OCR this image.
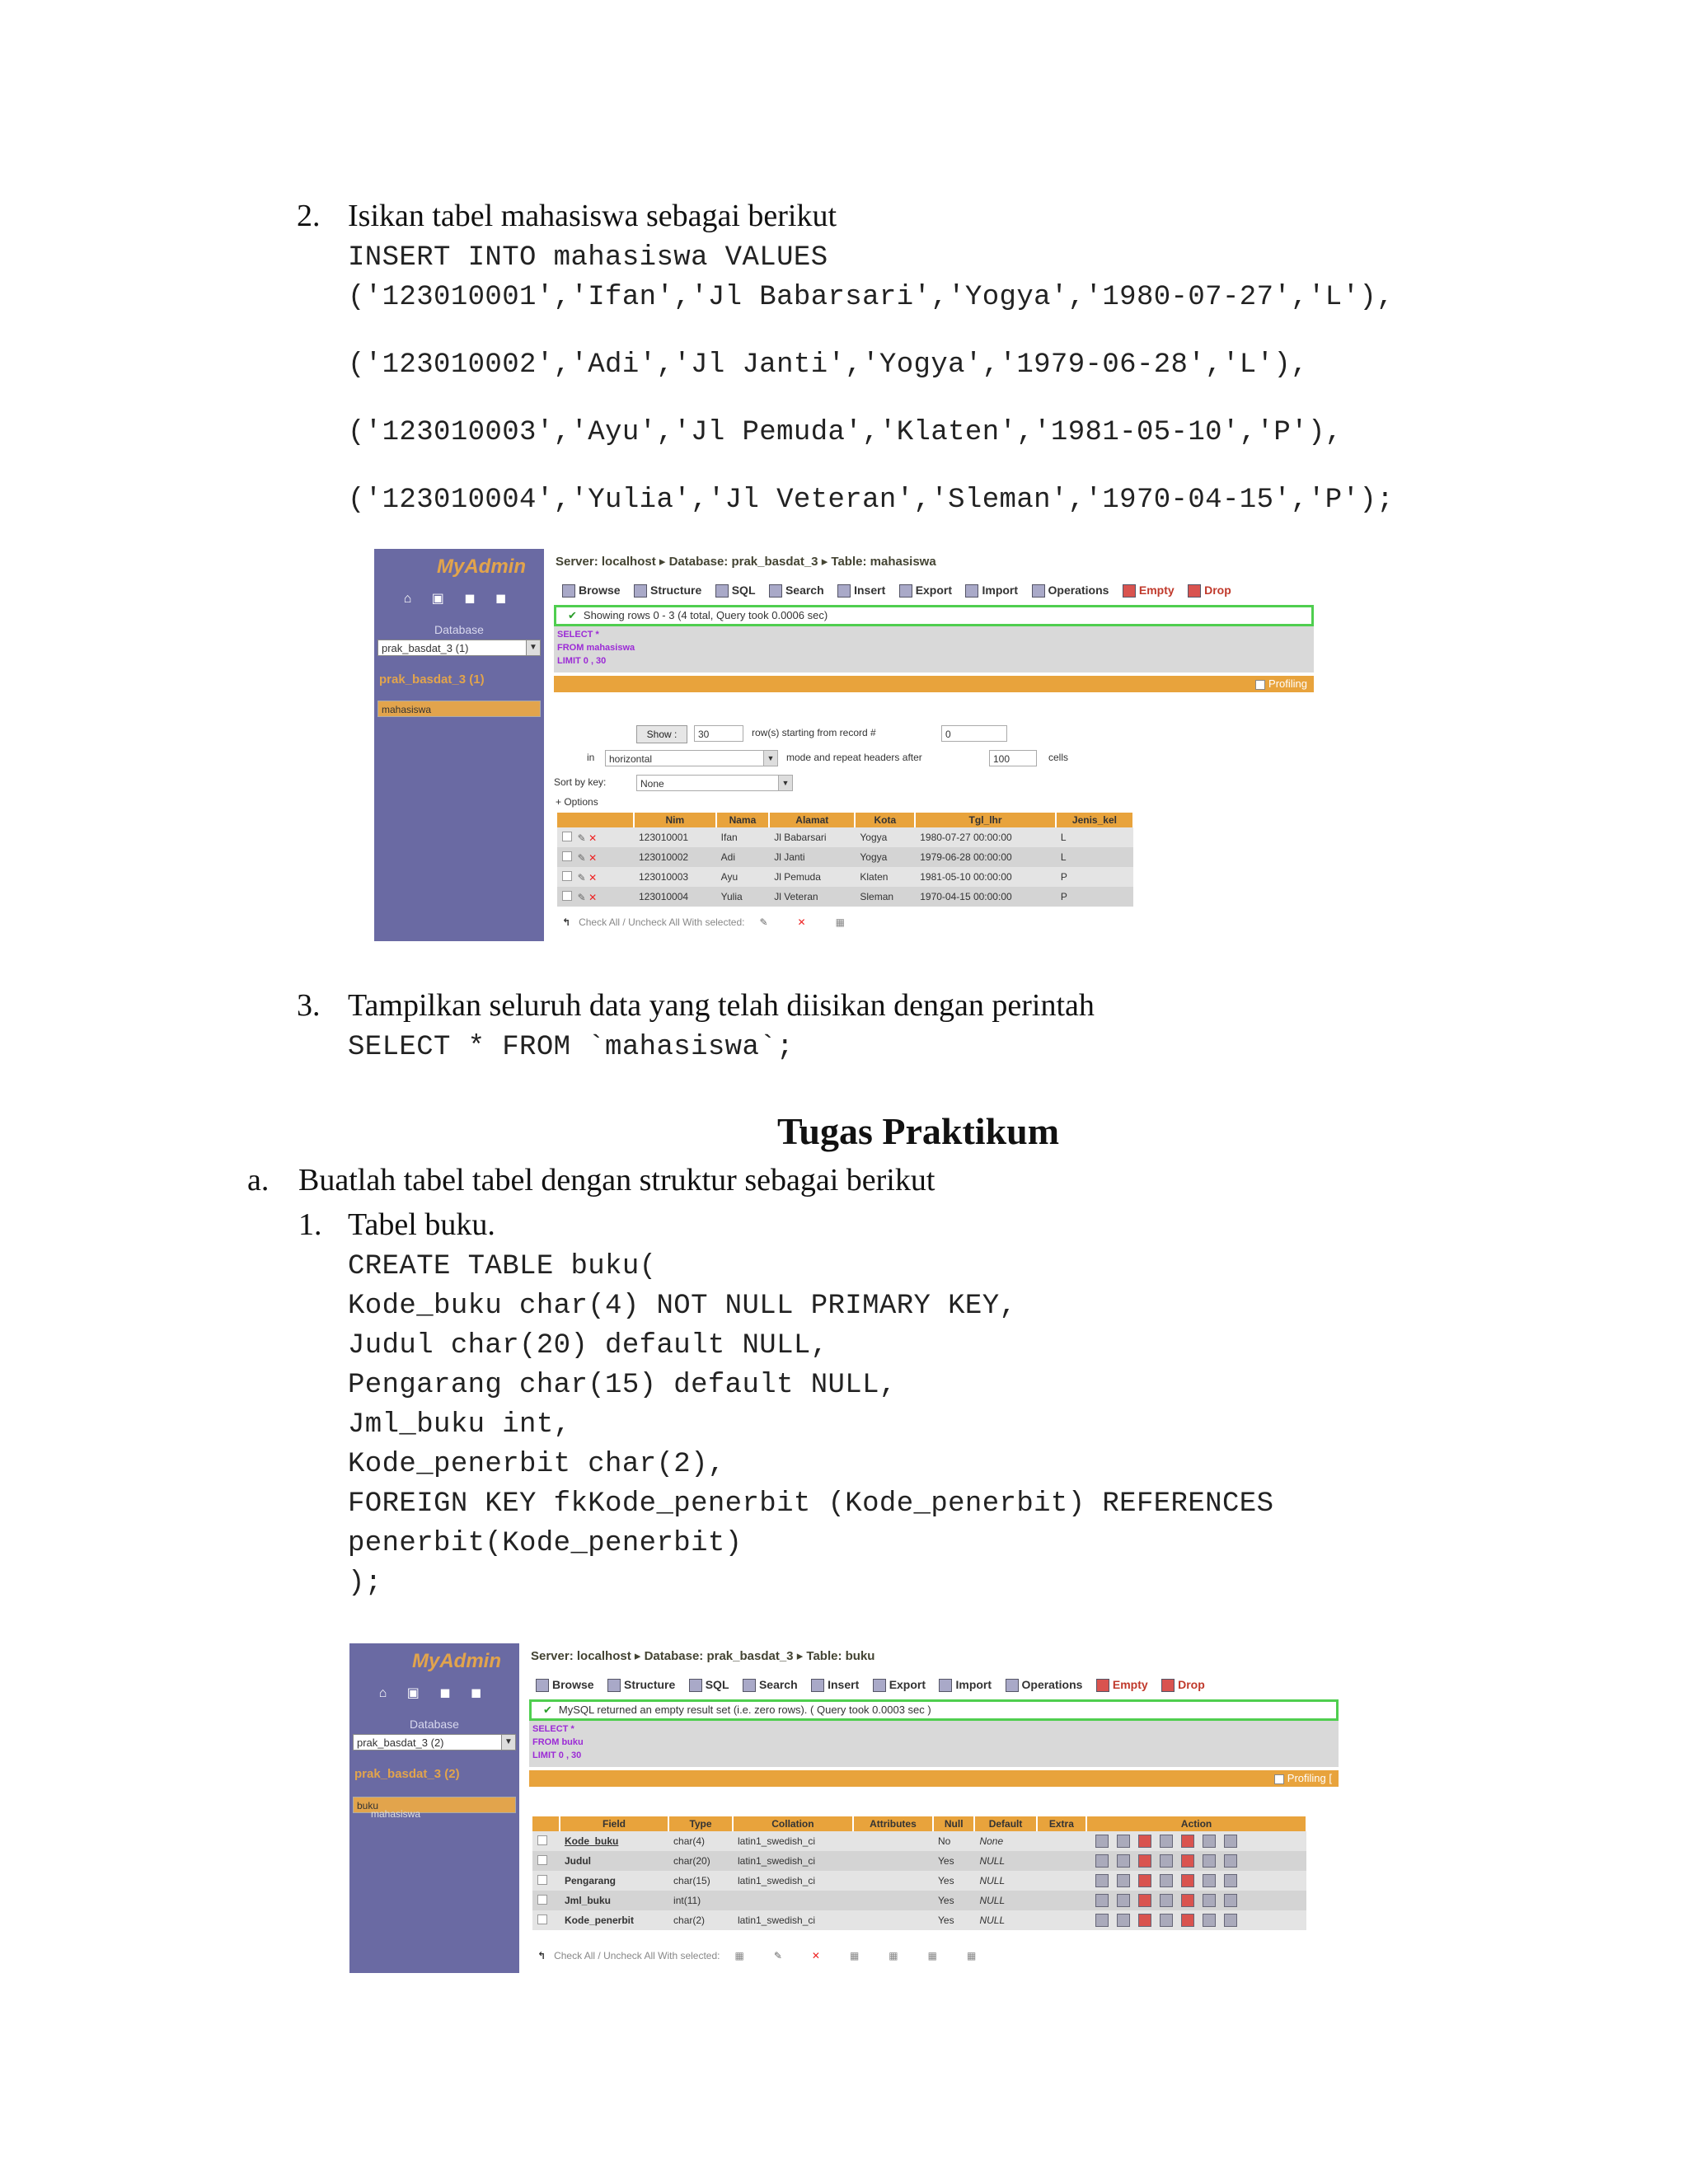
2. Isikan tabel mahasiswa sebagai berikut
INSERT INTO mahasiswa VALUES
('123010001','Ifan','Jl Babarsari','Yogya','1980-07-27','L'),
('123010002','Adi','Jl Janti','Yogya','1979-06-28','L'),
('123010003','Ayu','Jl Pemuda','Klaten','1981-05-10','P'),
('123010004','Yulia','Jl Veteran','Sleman','1970-04-15','P');
MyAdmin
⌂ ▣ ◼ ◼
Database
prak_basdat_3 (1)	▼
prak_basdat_3 (1)
mahasiswa
Server: localhost ▸ Database: prak_basdat_3 ▸ Table: mahasiswa
Browse	Structure	SQL	Search	Insert	Export	Import	Operations	Empty	Drop
✔ Showing rows 0 - 3 (4 total, Query took 0.0006 sec)
SELECT *
FROM mahasiswa
LIMIT 0 , 30
Profiling
Show :	30	row(s) starting from record #	0
in	horizontal	▼ mode and repeat headers after	100	cells
Sort by key:	None	▼
+ Options
	Nim	Nama	Alamat	Kota	Tgl_lhr	Jenis_kel
✎ ✕	123010001	Ifan	Jl Babarsari	Yogya	1980-07-27 00:00:00	L
✎ ✕	123010002	Adi	Jl Janti	Yogya	1979-06-28 00:00:00	L
✎ ✕	123010003	Ayu	Jl Pemuda	Klaten	1981-05-10 00:00:00	P
✎ ✕	123010004	Yulia	Jl Veteran	Sleman	1970-04-15 00:00:00	P
↰ Check All / Uncheck All With selected: ✎	✕	▦
3. Tampilkan seluruh data yang telah diisikan dengan perintah
SELECT * FROM `mahasiswa`;
Tugas Praktikum
a. Buatlah tabel tabel dengan struktur sebagai berikut
1. Tabel buku.
CREATE TABLE buku(
Kode_buku char(4) NOT NULL PRIMARY KEY,
Judul char(20) default NULL,
Pengarang char(15) default NULL,
Jml_buku int,
Kode_penerbit char(2),
FOREIGN KEY fkKode_penerbit (Kode_penerbit) REFERENCES
penerbit(Kode_penerbit)
);
MyAdmin
⌂ ▣ ◼ ◼
Database
prak_basdat_3 (2)	▼
prak_basdat_3 (2)
buku
mahasiswa
Server: localhost ▸ Database: prak_basdat_3 ▸ Table: buku
Browse	Structure	SQL	Search	Insert	Export	Import	Operations	Empty	Drop
✔ MySQL returned an empty result set (i.e. zero rows). ( Query took 0.0003 sec )
SELECT *
FROM buku
LIMIT 0 , 30
Profiling [
	Field	Type	Collation	Attributes	Null	Default	Extra	Action
	Kode_buku	char(4)	latin1_swedish_ci		No	None		
	Judul	char(20)	latin1_swedish_ci		Yes	NULL		
	Pengarang	char(15)	latin1_swedish_ci		Yes	NULL		
	Jml_buku	int(11)			Yes	NULL		
	Kode_penerbit	char(2)	latin1_swedish_ci		Yes	NULL		
↰ Check All / Uncheck All With selected: ▦	✎	✕	▦	▦	▦	▦
